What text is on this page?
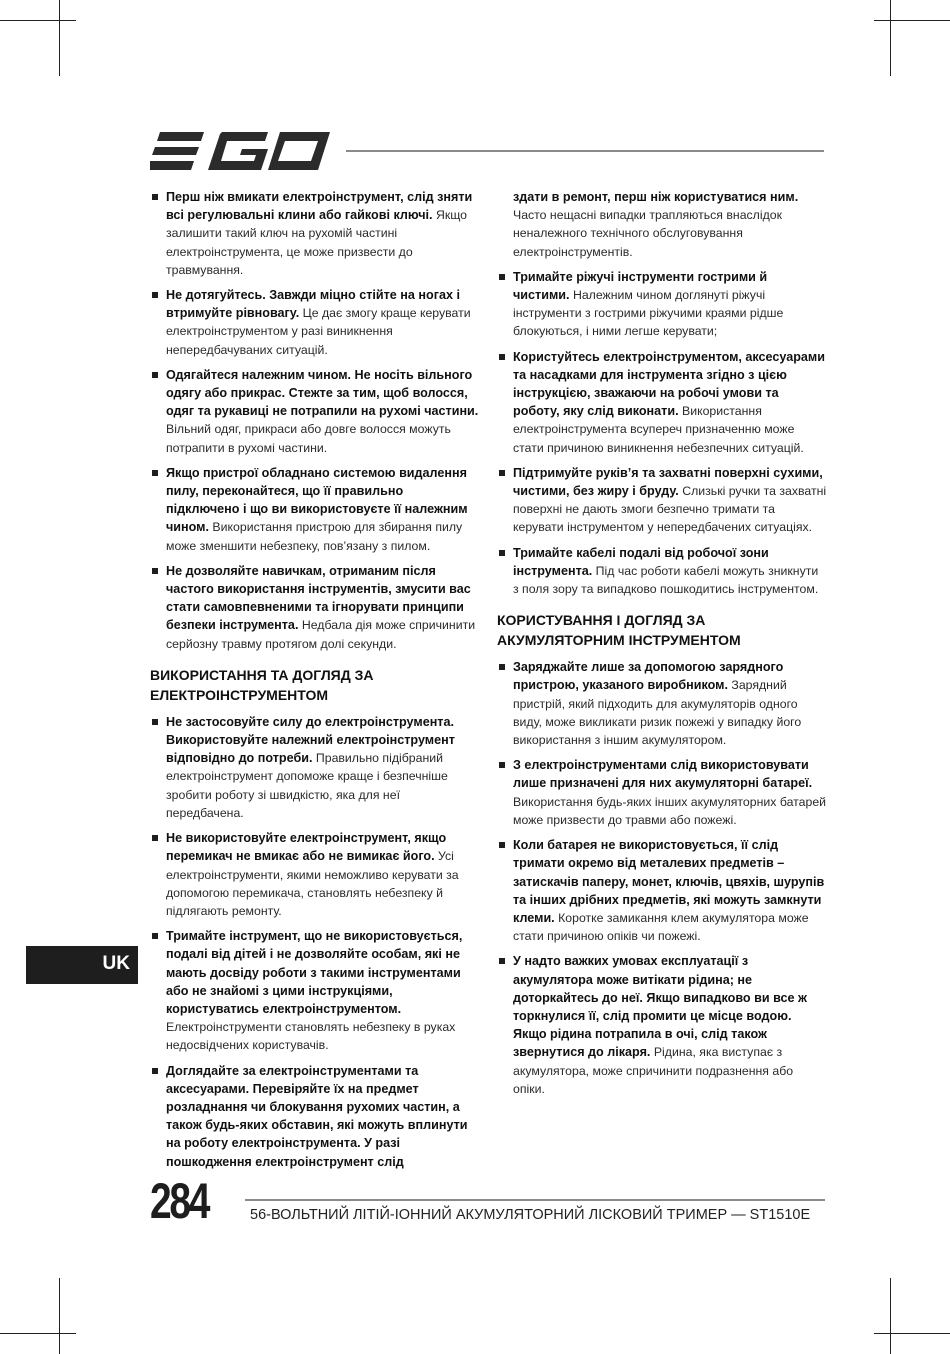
Перш ніж вмикати електроінструмент, слід зняти всі регулювальні клини або гайкові ключі. Якщо залишити такий ключ на рухомій частині електроінструмента, це може призвести до травмування.
Не дотягуйтесь. Завжди міцно стійте на ногах і втримуйте рівновагу. Це дає змогу краще керувати електроінструментом у разі виникнення непередбачуваних ситуацій.
Одягайтеся належним чином. Не носіть вільного одягу або прикрас. Стежте за тим, щоб волосся, одяг та рукавиці не потрапили на рухомі частини. Вільний одяг, прикраси або довге волосся можуть потрапити в рухомі частини.
Якщо пристрої обладнано системою видалення пилу, переконайтеся, що її правильно підключено і що ви використовуєте її належним чином. Використання пристрою для збирання пилу може зменшити небезпеку, пов’язану з пилом.
Не дозволяйте навичкам, отриманим після частого використання інструментів, змусити вас стати самовпевненими та ігнорувати принципи безпеки інструмента. Недбала дія може спричинити серйозну травму протягом долі секунди.
ВИКОРИСТАННЯ ТА ДОГЛЯД ЗА ЕЛЕКТРОІНСТРУМЕНТОМ
Не застосовуйте силу до електроінструмента. Використовуйте належний електроінструмент відповідно до потреби. Правильно підібраний електроінструмент допоможе краще і безпечніше зробити роботу зі швидкістю, яка для неї передбачена.
Не використовуйте електроінструмент, якщо перемикач не вмикає або не вимикає його. Усі електроінструменти, якими неможливо керувати за допомогою перемикача, становлять небезпеку й підлягають ремонту.
Тримайте інструмент, що не використовується, подалі від дітей і не дозволяйте особам, які не мають досвіду роботи з такими інструментами або не знайомі з цими інструкціями, користуватись електроінструментом. Електроінструменти становлять небезпеку в руках недосвідчених користувачів.
Доглядайте за електроінструментами та аксесуарами. Перевіряйте їх на предмет розладнання чи блокування рухомих частин, а також будь-яких обставин, які можуть вплинути на роботу електроінструмента. У разі пошкодження електроінструмент слід
здати в ремонт, перш ніж користуватися ним. Часто нещасні випадки трапляються внаслідок неналежного технічного обслуговування електроінструментів.
Тримайте ріжучі інструменти гострими й чистими. Належним чином доглянуті ріжучі інструменти з гострими ріжучими краями рідше блокуються, і ними легше керувати;
Користуйтесь електроінструментом, аксесуарами та насадками для інструмента згідно з цією інструкцією, зважаючи на робочі умови та роботу, яку слід виконати. Використання електроінструмента всупереч призначенню може стати причиною виникнення небезпечних ситуацій.
Підтримуйте руків’я та захватні поверхні сухими, чистими, без жиру і бруду. Слизькі ручки та захватні поверхні не дають змоги безпечно тримати та керувати інструментом у непередбачених ситуаціях.
Тримайте кабелі подалі від робочої зони інструмента. Під час роботи кабелі можуть зникнути з поля зору та випадково пошкодитись інструментом.
КОРИСТУВАННЯ І ДОГЛЯД ЗА АКУМУЛЯТОРНИМ ІНСТРУМЕНТОМ
Заряджайте лише за допомогою зарядного пристрою, указаного виробником. Зарядний пристрій, який підходить для акумуляторів одного виду, може викликати ризик пожежі у випадку його використання з іншим акумулятором.
З електроінструментами слід використовувати лише призначені для них акумуляторні батареї. Використання будь-яких інших акумуляторних батарей може призвести до травми або пожежі.
Коли батарея не використовується, її слід тримати окремо від металевих предметів – затискачів паперу, монет, ключів, цвяхів, шурупів та інших дрібних предметів, які можуть замкнути клеми. Коротке замикання клем акумулятора може стати причиною опіків чи пожежі.
У надто важких умовах експлуатації з акумулятора може витікати рідина; не доторкайтесь до неї. Якщо випадково ви все ж торкнулися її, слід промити це місце водою. Якщо рідина потрапила в очі, слід також звернутися до лікаря. Рідина, яка виступає з акумулятора, може спричинити подразнення або опіки.
UK
284	56-ВОЛЬТНИЙ ЛІТІЙ-ІОННИЙ АКУМУЛЯТОРНИЙ ЛІСКОВИЙ ТРИМЕР — ST1510E
